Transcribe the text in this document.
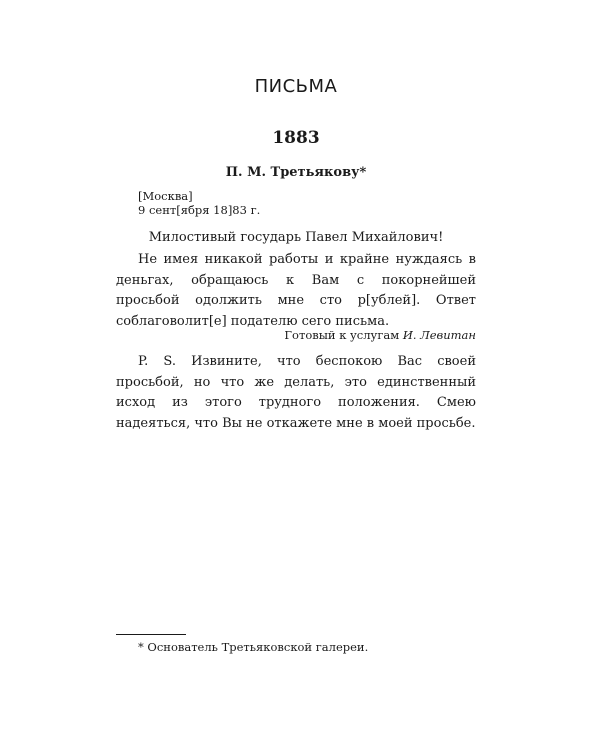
ПИСЬМА
1883
П. М. Третьякову*
[Москва]
9 сент[ября 18]83 г.
Милостивый государь Павел Михайлович!

Не имея никакой работы и крайне нуждаясь в деньгах, обращаюсь к Вам с покорнейшей просьбой одолжить мне сто р[ублей]. Ответ соблаговолит[е] подателю сего письма.

Готовый к услугам И. Левитан

P. S. Извините, что беспокою Вас своей просьбой, но что же делать, это единственный исход из этого трудного положения. Смею надеяться, что Вы не откажете мне в моей просьбе.

* Основатель Третьяковской галереи.
